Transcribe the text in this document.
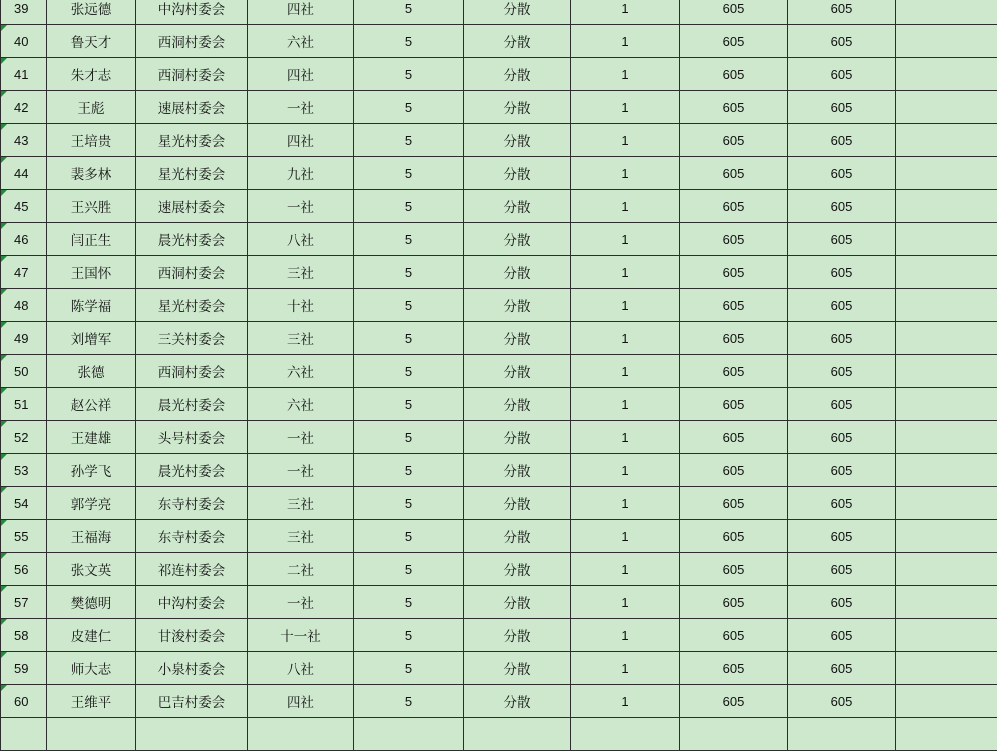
39	张远德	中沟村委会	四社	5	分散	1	605	605	

40	鲁天才	西洞村委会	六社	5	分散	1	605	605	

41	朱才志	西洞村委会	四社	5	分散	1	605	605	

42	王彪	速展村委会	一社	5	分散	1	605	605	

43	王培贵	星光村委会	四社	5	分散	1	605	605	

44	裴多林	星光村委会	九社	5	分散	1	605	605	

45	王兴胜	速展村委会	一社	5	分散	1	605	605	

46	闫正生	晨光村委会	八社	5	分散	1	605	605	

47	王国怀	西洞村委会	三社	5	分散	1	605	605	

48	陈学福	星光村委会	十社	5	分散	1	605	605	

49	刘增军	三关村委会	三社	5	分散	1	605	605	

50	张德	西洞村委会	六社	5	分散	1	605	605	

51	赵公祥	晨光村委会	六社	5	分散	1	605	605	

52	王建雄	头号村委会	一社	5	分散	1	605	605	

53	孙学飞	晨光村委会	一社	5	分散	1	605	605	

54	郭学亮	东寺村委会	三社	5	分散	1	605	605	

55	王福海	东寺村委会	三社	5	分散	1	605	605	

56	张文英	祁连村委会	二社	5	分散	1	605	605	

57	樊德明	中沟村委会	一社	5	分散	1	605	605	

58	皮建仁	甘浚村委会	十一社	5	分散	1	605	605	

59	师大志	小泉村委会	八社	5	分散	1	605	605	

60	王维平	巴吉村委会	四社	5	分散	1	605	605	
